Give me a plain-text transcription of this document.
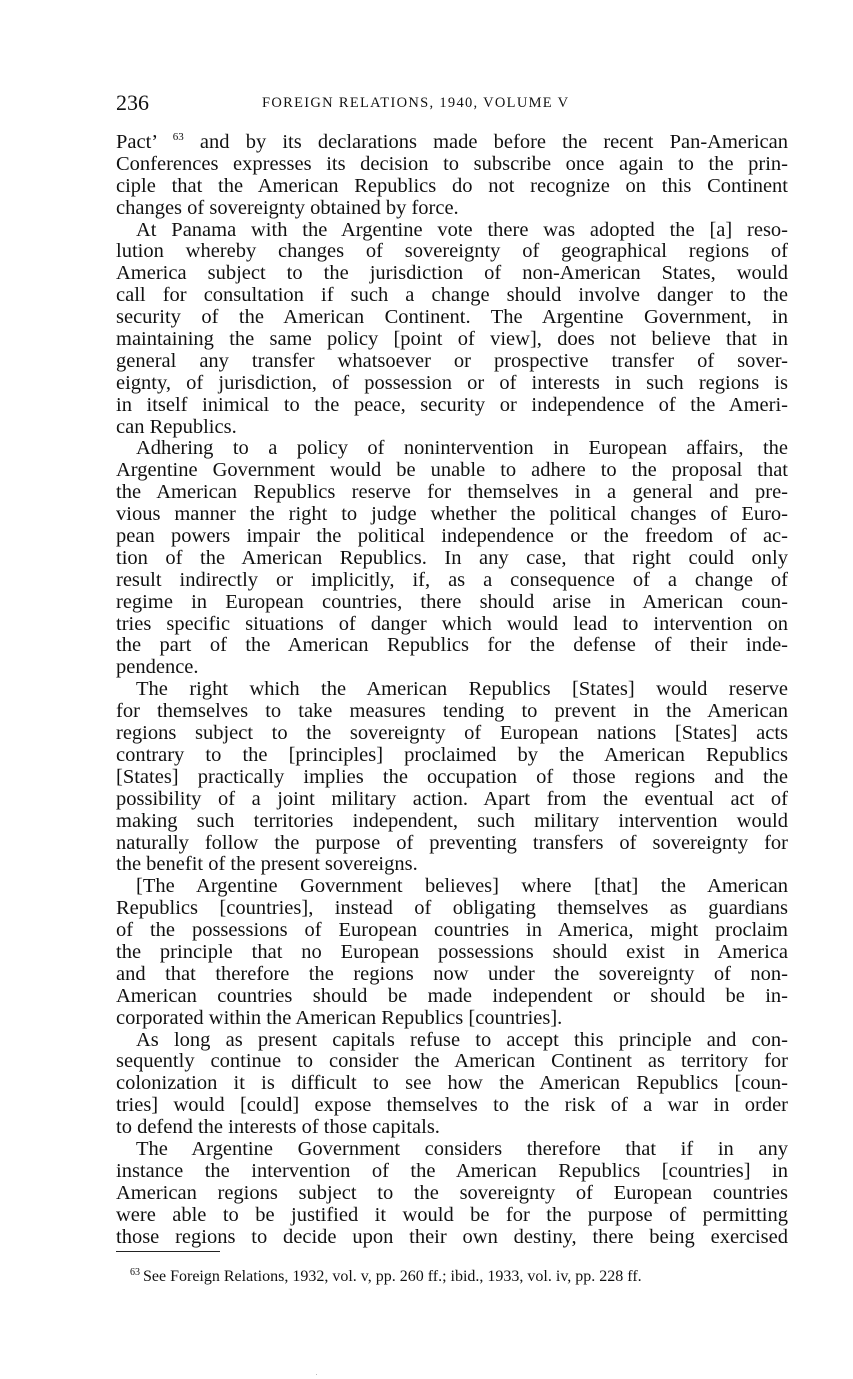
236	FOREIGN RELATIONS, 1940, VOLUME V
Pact’ $^{63}$ and by its declarations made before the recent Pan-American
Conferences expresses its decision to subscribe once again to the prin-
ciple that the American Republics do not recognize on this Continent
changes of sovereignty obtained by force.
At Panama with the Argentine vote there was adopted the [a] reso-
lution whereby changes of sovereignty of geographical regions of
America subject to the jurisdiction of non-American States, would
call for consultation if such a change should involve danger to the
security of the American Continent. The Argentine Government, in
maintaining the same policy [point of view], does not believe that in
general any transfer whatsoever or prospective transfer of sover-
eignty, of jurisdiction, of possession or of interests in such regions is
in itself inimical to the peace, security or independence of the Ameri-
can Republics.
Adhering to a policy of nonintervention in European affairs, the
Argentine Government would be unable to adhere to the proposal that
the American Republics reserve for themselves in a general and pre-
vious manner the right to judge whether the political changes of Euro-
pean powers impair the political independence or the freedom of ac-
tion of the American Republics. In any case, that right could only
result indirectly or implicitly, if, as a consequence of a change of
regime in European countries, there should arise in American coun-
tries specific situations of danger which would lead to intervention on
the part of the American Republics for the defense of their inde-
pendence.
The right which the American Republics [States] would reserve
for themselves to take measures tending to prevent in the American
regions subject to the sovereignty of European nations [States] acts
contrary to the [principles] proclaimed by the American Republics
[States] practically implies the occupation of those regions and the
possibility of a joint military action. Apart from the eventual act of
making such territories independent, such military intervention would
naturally follow the purpose of preventing transfers of sovereignty for
the benefit of the present sovereigns.
[The Argentine Government believes] where [that] the American
Republics [countries], instead of obligating themselves as guardians
of the possessions of European countries in America, might proclaim
the principle that no European possessions should exist in America
and that therefore the regions now under the sovereignty of non-
American countries should be made independent or should be in-
corporated within the American Republics [countries].
As long as present capitals refuse to accept this principle and con-
sequently continue to consider the American Continent as territory for
colonization it is difficult to see how the American Republics [coun-
tries] would [could] expose themselves to the risk of a war in order
to defend the interests of those capitals.
The Argentine Government considers therefore that if in any
instance the intervention of the American Republics [countries] in
American regions subject to the sovereignty of European countries
were able to be justified it would be for the purpose of permitting
those regions to decide upon their own destiny, there being exercised
$^{63}$ See Foreign Relations, 1932, vol. v, pp. 260 ff.; ibid., 1933, vol. iv, pp. 228 ff.
